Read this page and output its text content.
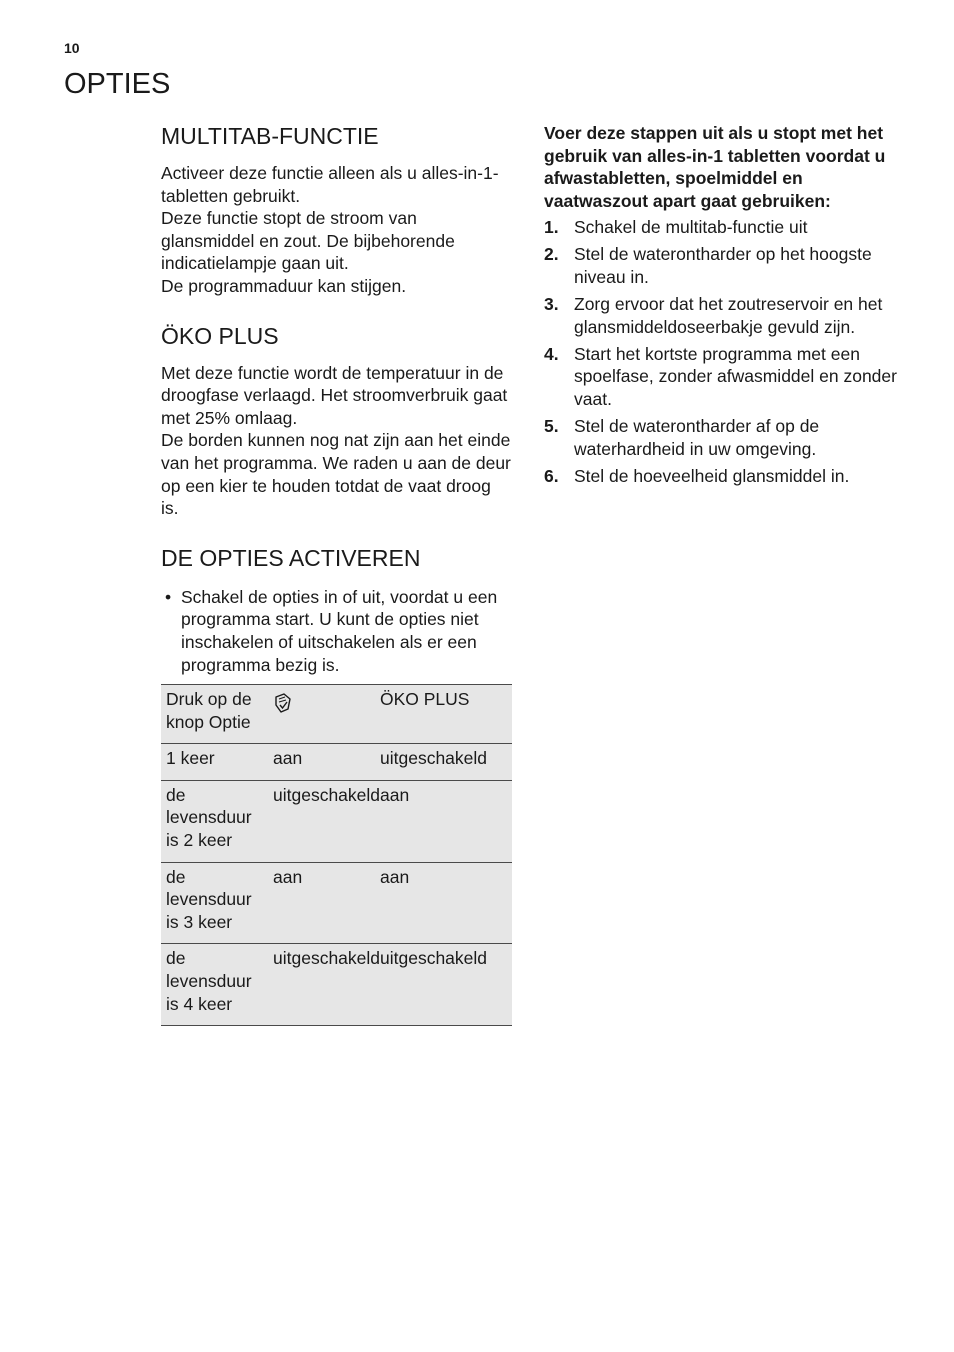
10
OPTIES
MULTITAB-FUNCTIE

Activeer deze functie alleen als u alles-in-1-tabletten gebruikt.

Deze functie stopt de stroom van glansmiddel en zout. De bijbehorende indicatielampje gaan uit.

De programmaduur kan stijgen.

ÖKO PLUS

Met deze functie wordt de temperatuur in de droogfase verlaagd. Het stroomverbruik gaat met 25% omlaag.

De borden kunnen nog nat zijn aan het einde van het programma. We raden u aan de deur op een kier te houden totdat de vaat droog is.

DE OPTIES ACTIVEREN
• Schakel de opties in of uit, voordat u een programma start. U kunt de opties niet inschakelen of uitschakelen als er een programma bezig is.
Druk op de knop Optie		ÖKO PLUS
1 keer	aan	uitgeschakeld
de levensduur is 2 keer	uitgeschakeld	aan
de levensduur is 3 keer	aan	aan
de levensduur is 4 keer	uitgeschakeld	uitgeschakeld

Voer deze stappen uit als u stopt met het gebruik van alles-in-1 tabletten voordat u afwastabletten, spoelmiddel en vaatwaszout apart gaat gebruiken:

1. Schakel de multitab-functie uit
2. Stel de waterontharder op het hoogste niveau in.
3. Zorg ervoor dat het zoutreservoir en het glansmiddeldoseerbakje gevuld zijn.
4. Start het kortste programma met een spoelfase, zonder afwasmiddel en zonder vaat.
5. Stel de waterontharder af op de waterhardheid in uw omgeving.
6. Stel de hoeveelheid glansmiddel in.
